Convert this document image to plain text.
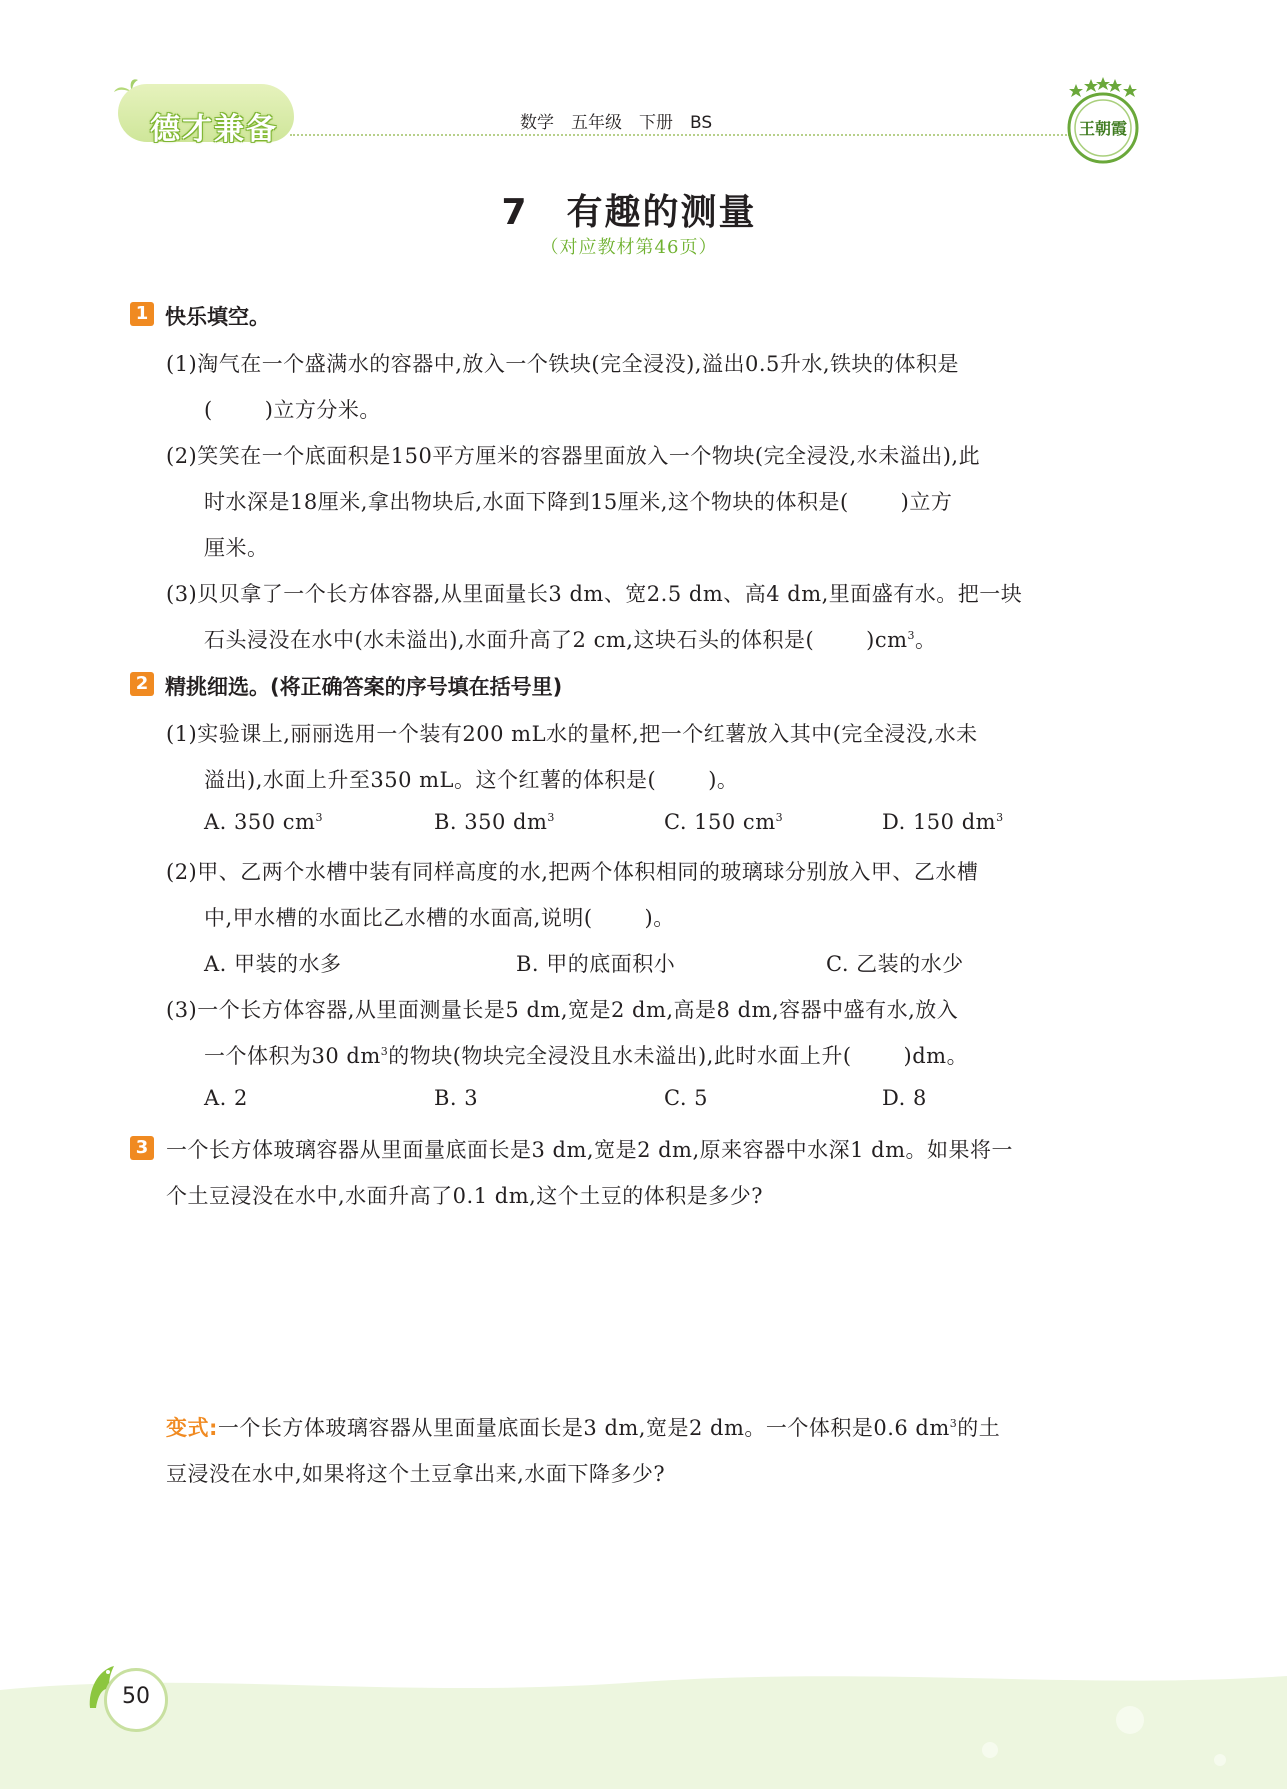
德才兼备	数学　五年级　下册　BS	王朝霞
7　有趣的测量
（对应教材第46页）
1 快乐填空。
(1)淘气在一个盛满水的容器中,放入一个铁块(完全浸没),溢出0.5升水,铁块的体积是
( )立方分米。
(2)笑笑在一个底面积是150平方厘米的容器里面放入一个物块(完全浸没,水未溢出),此
时水深是18厘米,拿出物块后,水面下降到15厘米,这个物块的体积是( )立方
厘米。
(3)贝贝拿了一个长方体容器,从里面量长3 dm、宽2.5 dm、高4 dm,里面盛有水。把一块
石头浸没在水中(水未溢出),水面升高了2 cm,这块石头的体积是( )$cm^3$。
2 精挑细选。(将正确答案的序号填在括号里)
(1)实验课上,丽丽选用一个装有200 mL水的量杯,把一个红薯放入其中(完全浸没,水未
溢出),水面上升至350 mL。这个红薯的体积是( )。
A. 350 $cm^3$	B. 350 $dm^3$	C. 150 $cm^3$	D. 150 $dm^3$
(2)甲、乙两个水槽中装有同样高度的水,把两个体积相同的玻璃球分别放入甲、乙水槽
中,甲水槽的水面比乙水槽的水面高,说明( )。
A. 甲装的水多	B. 甲的底面积小	C. 乙装的水少
(3)一个长方体容器,从里面测量长是5 dm,宽是2 dm,高是8 dm,容器中盛有水,放入
一个体积为30 $dm^3$的物块(物块完全浸没且水未溢出),此时水面上升( )dm。
A. 2	B. 3	C. 5	D. 8
3 一个长方体玻璃容器从里面量底面长是3 dm,宽是2 dm,原来容器中水深1 dm。如果将一
个土豆浸没在水中,水面升高了0.1 dm,这个土豆的体积是多少?
变式:一个长方体玻璃容器从里面量底面长是3 dm,宽是2 dm。一个体积是0.6 $dm^3$的土
豆浸没在水中,如果将这个土豆拿出来,水面下降多少?
50
